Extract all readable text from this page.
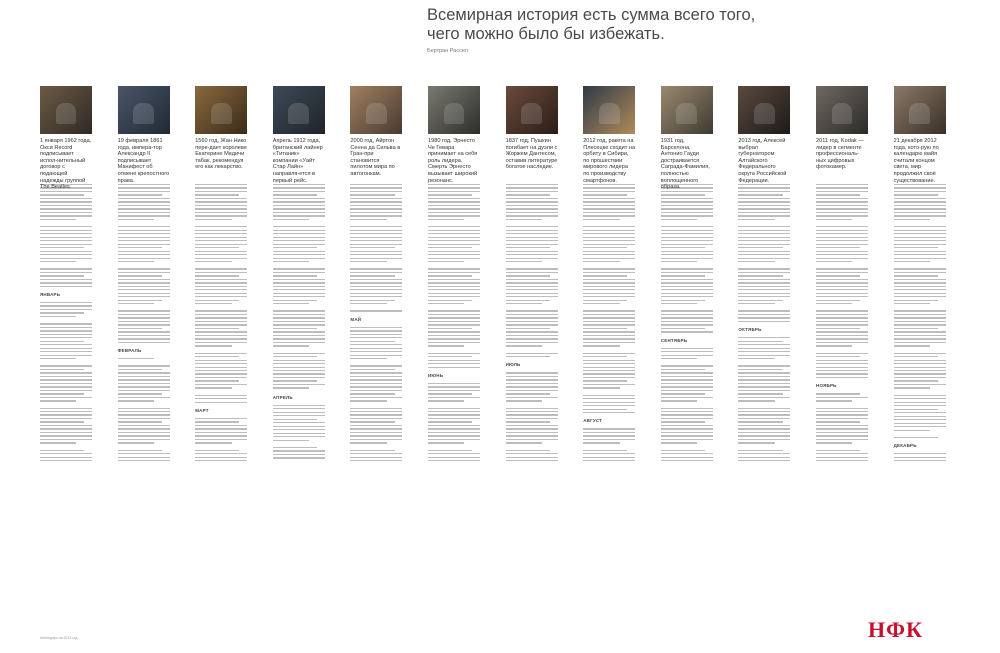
Всемирная история есть сумма всего того,
чего можно было бы избежать.
Бертран Рассел
1 января 1962 года, Окси Record подписывает испол-нительный договор с подающей надежды группой The Beatles.
ЯНВАРЬ
19 февраля 1861 года, импера-тор Александр II подписывает Манифест об отмене крепостного права.
ФЕВРАЛЬ
1560 год, Жан Нико пере-дает королеве Екатерине Медичи табак, рекомендуя его как лекарство.
МАРТ
Апрель 1912 года, британский лайнер «Титаник» компании «Уайт Стар Лайн» направля-ется в первый рейс.
АПРЕЛЬ
2000 год, Айртон Сенна да Сильва в Гран-при становится пилотом мира по автогонкам.
МАЙ
1980 год, Эрнесто Че Гевара принимает на себя роль лидера. Смерть Эрнесто вызывает широкий резонанс.
ИЮНЬ
1837 год, Пушкин погибает на дуэли с Жоржем Дантесом, оставив литературе богатое наследие.
ИЮЛЬ
2012 год, ракета на Плесецке сходит на орбиту в Сибири, по прошествии мирового лидера по производству смартфонов.
АВГУСТ
1931 год, Барселона, Антонио Гауди достраивается Саграда-Фамилия, полностью воплощенного образа.
СЕНТЯБРЬ
2013 год, Алексей выбрал губернатором Алтайского Федерального округа Российской Федерации.
ОКТЯБРЬ
2011 год, Kodak — лидер в сегменте профессиональ-ных цифровых фотокамер.
НОЯБРЬ
21 декабря 2012 года, кото-рую по календарю майя считали концом света, мир продолжил своё существование.
ДЕКАБРЬ
НФК
Календарь на 2013 год
